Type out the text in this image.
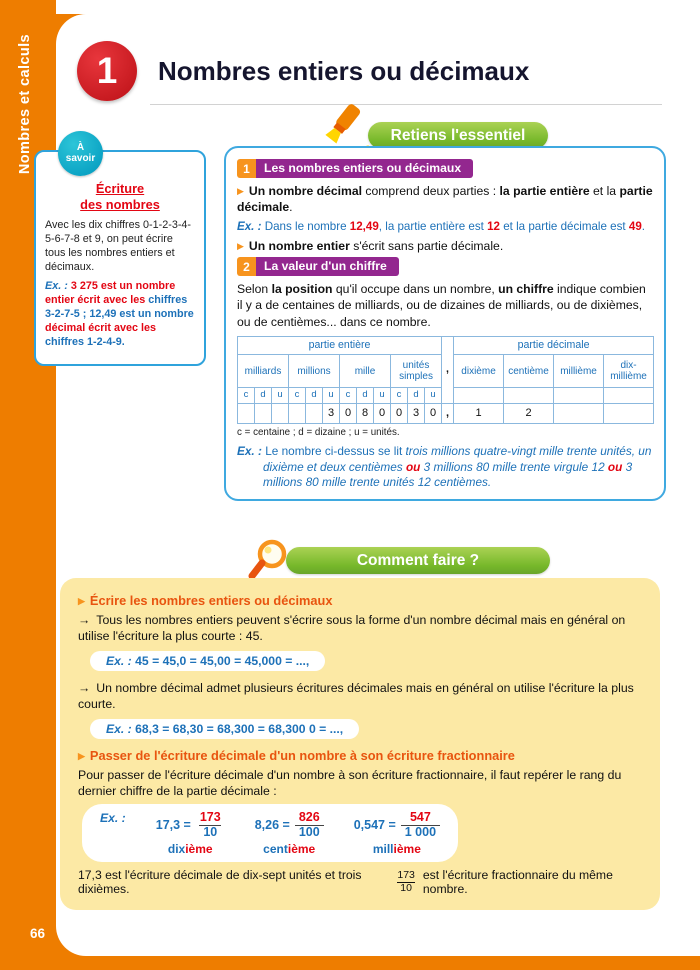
Nombres et calculs
66
1 Nombres entiers ou décimaux
Retiens l'essentiel
À
savoir
Écriture
des nombres
Avec les dix chiffres 0-1-2-3-4-5-6-7-8 et 9, on peut écrire tous les nombres entiers et décimaux.
Ex. : 3 275 est un nombre entier écrit avec les chiffres 3-2-7-5 ; 12,49 est un nombre décimal écrit avec les chiffres 1-2-4-9.
1	Les nombres entiers ou décimaux
▶ Un nombre décimal comprend deux parties : la partie entière et la partie décimale.
Ex. : Dans le nombre 12,49, la partie entière est 12 et la partie décimale est 49.
▶ Un nombre entier s'écrit sans partie décimale.
2	La valeur d'un chiffre
Selon la position qu'il occupe dans un nombre, un chiffre indique combien il y a de centaines de milliards, ou de dizaines de milliards, ou de dixièmes, ou de centièmes... dans ce nombre.
partie entière												,	partie décimale			
milliards			millions			mille			unités simples				dixième	centième	millième	dix-millième
c	d	u	c	d	u	c	d	u	c	d	u					
					3	0	8	0	0	3	0	,	1	2		
c = centaine ; d = dizaine ; u = unités.
Ex. : Le nombre ci-dessus se lit trois millions quatre-vingt mille trente unités, un dixième et deux centièmes ou 3 millions 80 mille trente virgule 12 ou 3 millions 80 mille trente unités 12 centièmes.
Comment faire ?
▶ Écrire les nombres entiers ou décimaux
→ Tous les nombres entiers peuvent s'écrire sous la forme d'un nombre décimal mais en général on utilise l'écriture la plus courte : 45.
Ex. : 45 = 45,0 = 45,00 = 45,000 = ...,

→ Un nombre décimal admet plusieurs écritures décimales mais en général on utilise l'écriture la plus courte.
Ex. : 68,3 = 68,30 = 68,300 = 68,300 0 = ...,
▶ Passer de l'écriture décimale d'un nombre à son écriture fractionnaire
Pour passer de l'écriture décimale d'un nombre à son écriture fractionnaire, il faut repérer le rang du dernier chiffre de la partie décimale :
Ex. :
$17,3 = \frac{173}{10}$
dixième
$8,26 = \frac{826}{100}$
centième
$0,547 = \frac{547}{1 000}$
millième
17,3 est l'écriture décimale de dix-sept unités et trois dixièmes.	$\frac{173}{10}$ est l'écriture fractionnaire du même nombre.
